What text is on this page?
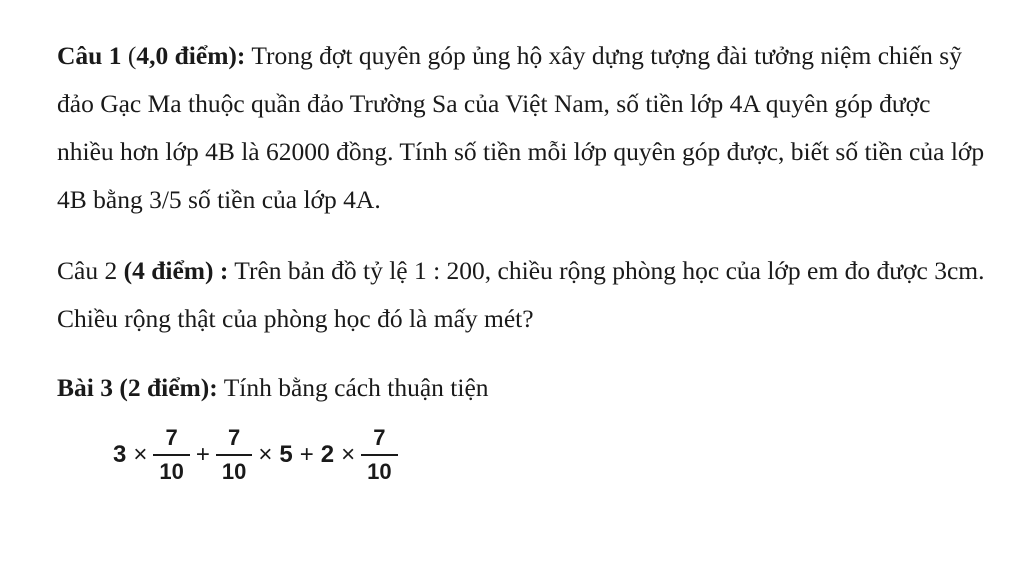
Câu 1 (4,0 điểm): Trong đợt quyên góp ủng hộ xây dựng tượng đài tưởng niệm chiến sỹ đảo Gạc Ma thuộc quần đảo Trường Sa của Việt Nam, số tiền lớp 4A quyên góp được nhiều hơn lớp 4B là 62000 đồng. Tính số tiền mỗi lớp quyên góp được, biết số tiền của lớp 4B bằng 3/5 số tiền của lớp 4A.

Câu 2 (4 điểm) : Trên bản đồ tỷ lệ 1 : 200, chiều rộng phòng học của lớp em đo được 3cm. Chiều rộng thật của phòng học đó là mấy mét?

Bài 3 (2 điểm): Tính bằng cách thuận tiện

$3 \times \frac{7}{10} + \frac{7}{10} \times 5 + 2 \times \frac{7}{10}$
